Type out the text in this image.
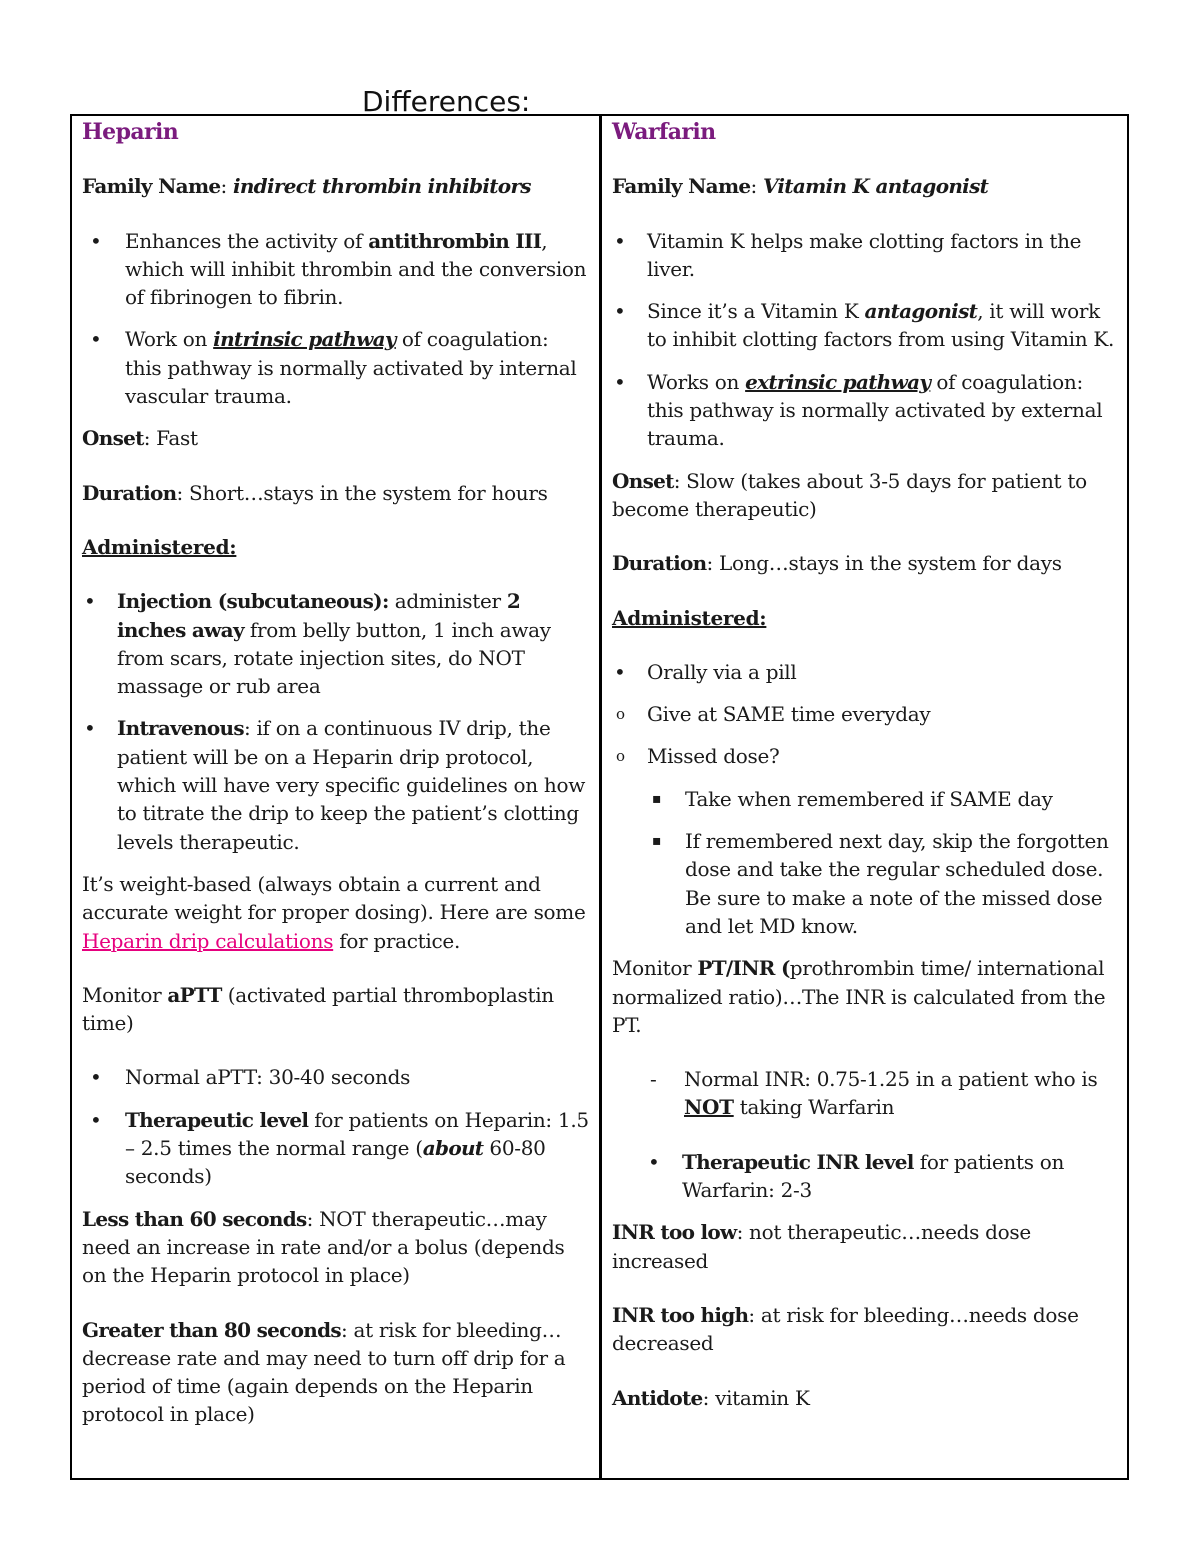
Differences:
Heparin

Family Name: indirect thrombin inhibitors

• Enhances the activity of antithrombin III, which will inhibit thrombin and the conversion of fibrinogen to fibrin.
• Work on intrinsic pathway of coagulation: this pathway is normally activated by internal vascular trauma.

Onset: Fast

Duration: Short…stays in the system for hours

Administered:

• Injection (subcutaneous): administer 2 inches away from belly button, 1 inch away from scars, rotate injection sites, do NOT massage or rub area
• Intravenous: if on a continuous IV drip, the patient will be on a Heparin drip protocol, which will have very specific guidelines on how to titrate the drip to keep the patient’s clotting levels therapeutic.

It’s weight-based (always obtain a current and accurate weight for proper dosing). Here are some Heparin drip calculations for practice.

Monitor aPTT (activated partial thromboplastin time)

• Normal aPTT: 30-40 seconds
• Therapeutic level for patients on Heparin: 1.5 – 2.5 times the normal range (about 60-80 seconds)

Less than 60 seconds: NOT therapeutic…may need an increase in rate and/or a bolus (depends on the Heparin protocol in place)

Greater than 80 seconds: at risk for bleeding…decrease rate and may need to turn off drip for a period of time (again depends on the Heparin protocol in place)

Warfarin

Family Name: Vitamin K antagonist

• Vitamin K helps make clotting factors in the liver.
• Since it’s a Vitamin K antagonist, it will work to inhibit clotting factors from using Vitamin K.
• Works on extrinsic pathway of coagulation: this pathway is normally activated by external trauma.

Onset: Slow (takes about 3-5 days for patient to become therapeutic)

Duration: Long…stays in the system for days

Administered:

• Orally via a pill
o Give at SAME time everyday
o Missed dose?
▪ Take when remembered if SAME day
▪ If remembered next day, skip the forgotten dose and take the regular scheduled dose. Be sure to make a note of the missed dose and let MD know.

Monitor PT/INR (prothrombin time/ international normalized ratio)…The INR is calculated from the PT.

- Normal INR: 0.75-1.25 in a patient who is NOT taking Warfarin
• Therapeutic INR level for patients on Warfarin: 2-3

INR too low: not therapeutic…needs dose increased

INR too high: at risk for bleeding…needs dose decreased

Antidote: vitamin K
